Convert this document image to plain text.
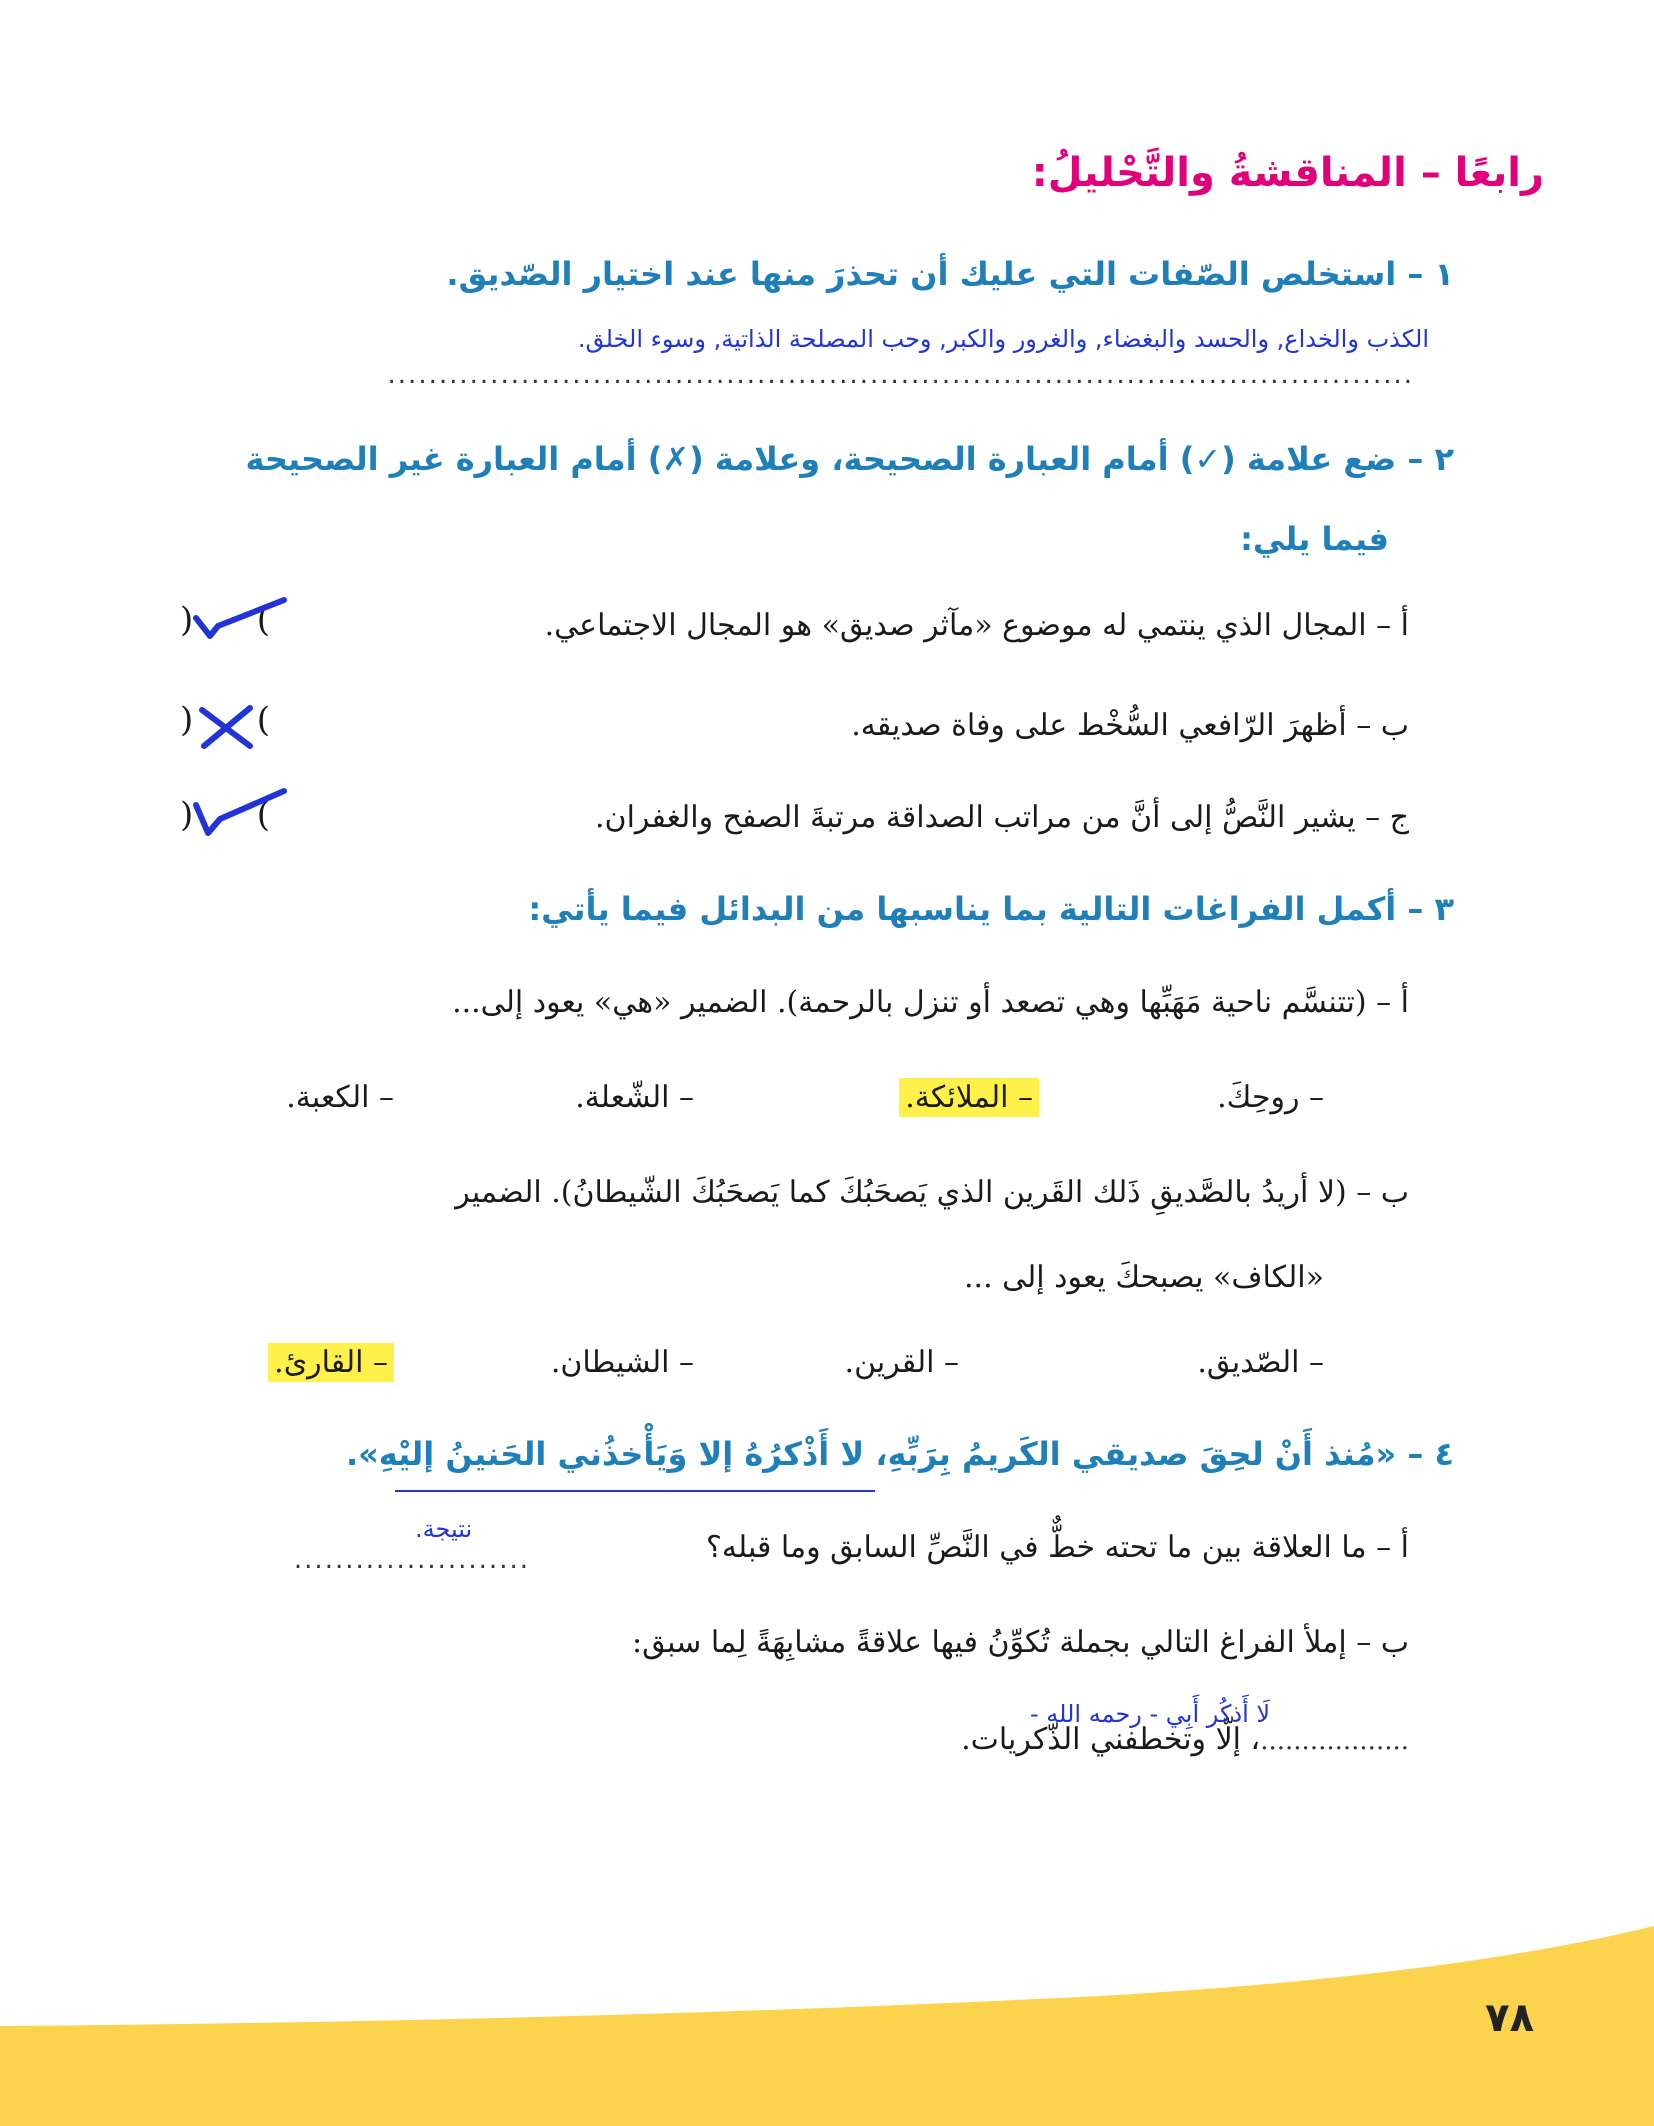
رابعًا – المناقشةُ والتَّحْليلُ:
١ – استخلص الصّفات التي عليك أن تحذرَ منها عند اختيار الصّديق.
الكذب والخداع, والحسد والبغضاء, والغرور والكبر, وحب المصلحة الذاتية, وسوء الخلق.
....................................................................................................
٢ – ضع علامة (✓) أمام العبارة الصحيحة، وعلامة (✗) أمام العبارة غير الصحيحة
فيما يلي:
أ – المجال الذي ينتمي له موضوع «مآثر صديق» هو المجال الاجتماعي.
( )
ب – أظهرَ الرّافعي السُّخْط على وفاة صديقه.
( )
ج – يشير النَّصُّ إلى أنَّ من مراتب الصداقة مرتبةَ الصفح والغفران.
( )
٣ – أكمل الفراغات التالية بما يناسبها من البدائل فيما يأتي:
أ – (تتنسَّم ناحية مَهَبِّها وهي تصعد أو تنزل بالرحمة). الضمير «هي» يعود إلى...
– روحِكَ.
– الملائكة.
– الشّعلة.
– الكعبة.
ب – (لا أريدُ بالصَّديقِ ذَلك القَرين الذي يَصحَبُكَ كما يَصحَبُكَ الشّيطانُ). الضمير
«الكاف» يصبحكَ يعود إلى ...
– الصّديق.
– القرين.
– الشيطان.
– القارئ.
٤ – «مُنذ أَنْ لحِقَ صديقي الكَريمُ بِرَبِّهِ، لا أَذْكرُهُ إلا وَيَأْخذُني الحَنينُ إليْهِ».
أ – ما العلاقة بين ما تحته خطٌّ في النَّصِّ السابق وما قبله؟
.......................
نتيجة.
ب – إملأ الفراغ التالي بجملة تُكوِّنُ فيها علاقةً مشابِهَةً لِما سبق:
..................، إلّا وتخطفني الذّكريات.
لَا أَذكُر أَبِي - رحمه الله -
٧٨
